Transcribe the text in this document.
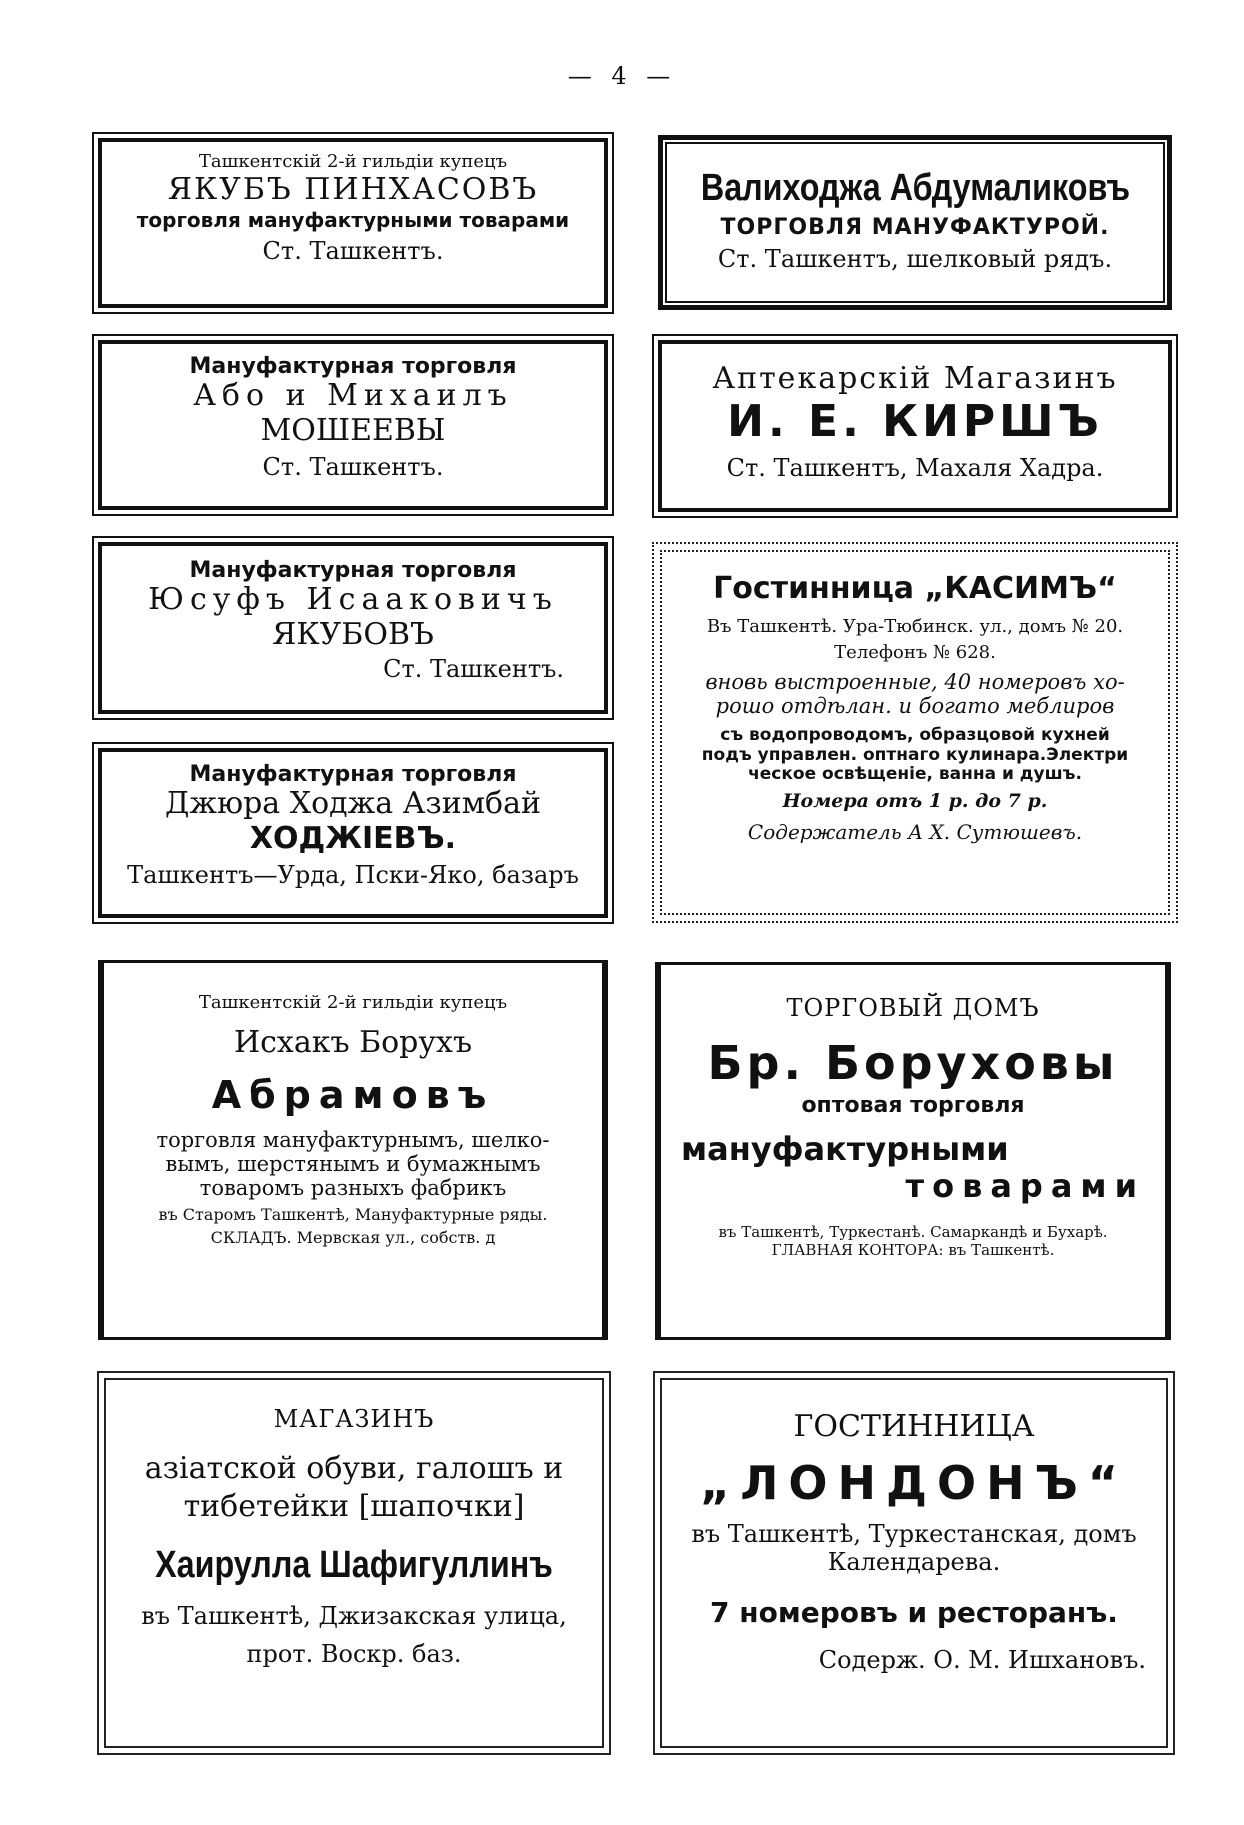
— 4 —
Ташкентскій 2-й гильдіи купецъ
ЯКУБЪ ПИНХАСОВЪ
торговля мануфактурными товарами
Ст. Ташкентъ.
Валиходжа Абдумаликовъ
ТОРГОВЛЯ МАНУФАКТУРОЙ.
Ст. Ташкентъ, шелковый рядъ.
Мануфактурная торговля
Або и Михаилъ
МОШЕЕВЫ
Ст. Ташкентъ.
Аптекарскій Магазинъ
И. Е. КИРШЪ
Ст. Ташкентъ, Махаля Хадра.
Мануфактурная торговля
Юсуфъ Исааковичъ
ЯКУБОВЪ
Ст. Ташкентъ.
Гостинница „КАСИМЪ“
Въ Ташкентѣ. Ура-Тюбинск. ул., домъ № 20.
Телефонъ № 628.
вновь выстроенные, 40 номеровъ хо-
рошо отдѣлан. и богато меблиров
съ водопроводомъ, образцовой кухней
подъ управлен. оптнаго кулинара.Электри
ческое освѣщеніе, ванна и душъ.
Номера отъ 1 р. до 7 р.
Содержатель А Х. Сутюшевъ.
Мануфактурная торговля
Джюра Ходжа Азимбай
ХОДЖІЕВЪ.
Ташкентъ—Урда, Пски-Яко, базаръ
Ташкентскій 2-й гильдіи купецъ
Исхакъ Борухъ
Абрамовъ
торговля мануфактурнымъ, шелко-
вымъ, шерстянымъ и бумажнымъ
товаромъ разныхъ фабрикъ
въ Старомъ Ташкентѣ, Мануфактурные ряды.
СКЛАДЪ. Мервская ул., собств. д
ТОРГОВЫЙ ДОМЪ
Бр. Боруховы
оптовая торговля
мануфактурными
товарами
въ Ташкентѣ, Туркестанѣ. Самаркандѣ и Бухарѣ.
ГЛАВНАЯ КОНТОРА: въ Ташкентѣ.
МАГАЗИНЪ
азіатской обуви, галошъ и
тибетейки [шапочки]
Хаирулла Шафигуллинъ
въ Ташкентѣ, Джизакская улица,
прот. Воскр. баз.
ГОСТИННИЦА
„ЛОНДОНЪ“
въ Ташкентѣ, Туркестанская, домъ
Календарева.
7 номеровъ и ресторанъ.
Содерж. О. М. Ишхановъ.
